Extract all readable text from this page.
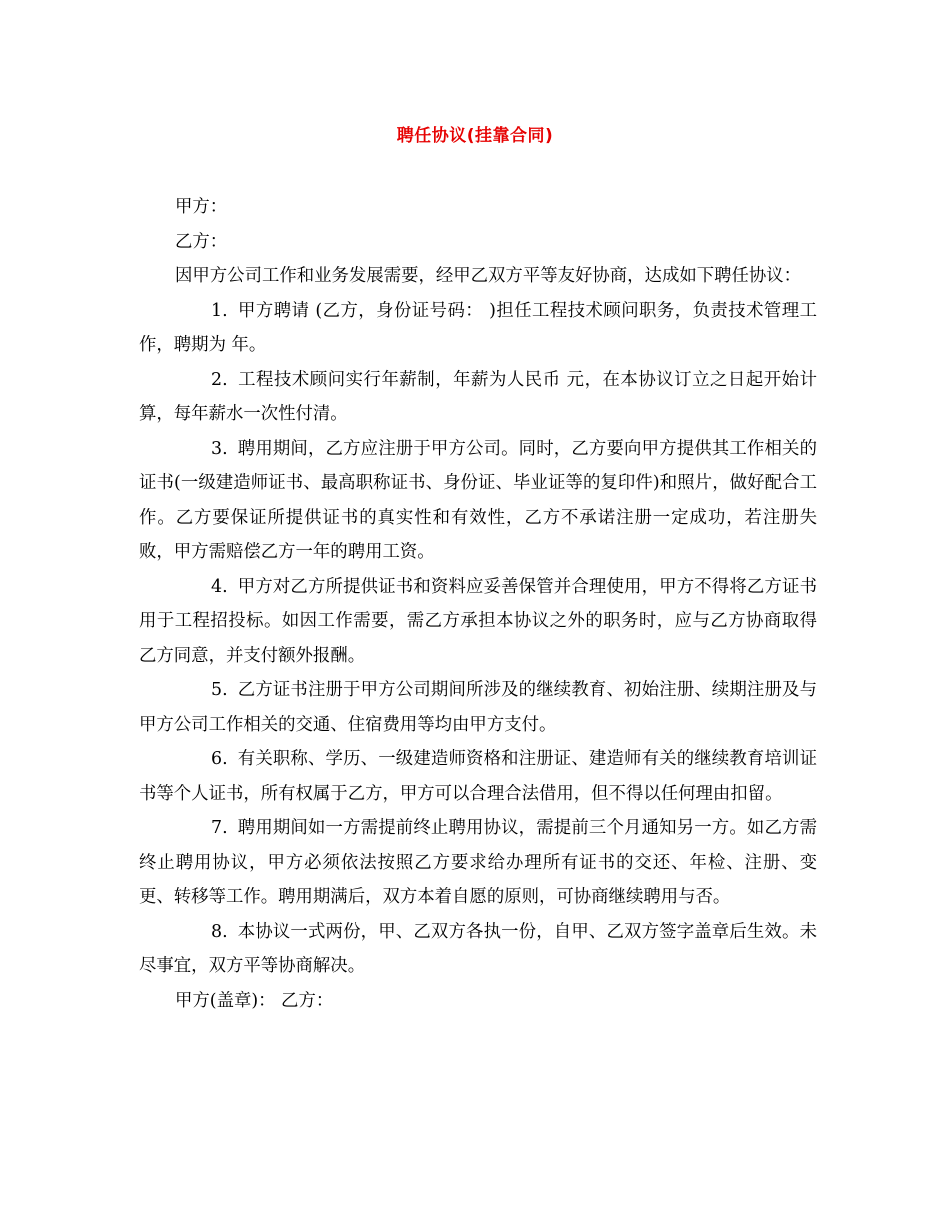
聘任协议(挂靠合同)

甲方：

乙方：

因甲方公司工作和业务发展需要，经甲乙双方平等友好协商，达成如下聘任协议：

1. 甲方聘请 (乙方，身份证号码： )担任工程技术顾问职务，负责技术管理工作，聘期为 年。

2. 工程技术顾问实行年薪制，年薪为人民币 元，在本协议订立之日起开始计算，每年薪水一次性付清。

3. 聘用期间，乙方应注册于甲方公司。同时，乙方要向甲方提供其工作相关的证书(一级建造师证书、最高职称证书、身份证、毕业证等的复印件)和照片，做好配合工作。乙方要保证所提供证书的真实性和有效性，乙方不承诺注册一定成功，若注册失败，甲方需赔偿乙方一年的聘用工资。

4. 甲方对乙方所提供证书和资料应妥善保管并合理使用，甲方不得将乙方证书用于工程招投标。如因工作需要，需乙方承担本协议之外的职务时，应与乙方协商取得乙方同意，并支付额外报酬。

5. 乙方证书注册于甲方公司期间所涉及的继续教育、初始注册、续期注册及与甲方公司工作相关的交通、住宿费用等均由甲方支付。

6. 有关职称、学历、一级建造师资格和注册证、建造师有关的继续教育培训证书等个人证书，所有权属于乙方，甲方可以合理合法借用，但不得以任何理由扣留。

7. 聘用期间如一方需提前终止聘用协议，需提前三个月通知另一方。如乙方需终止聘用协议，甲方必须依法按照乙方要求给办理所有证书的交还、年检、注册、变更、转移等工作。聘用期满后，双方本着自愿的原则，可协商继续聘用与否。

8. 本协议一式两份，甲、乙双方各执一份，自甲、乙双方签字盖章后生效。未尽事宜，双方平等协商解决。

甲方(盖章)： 乙方：
